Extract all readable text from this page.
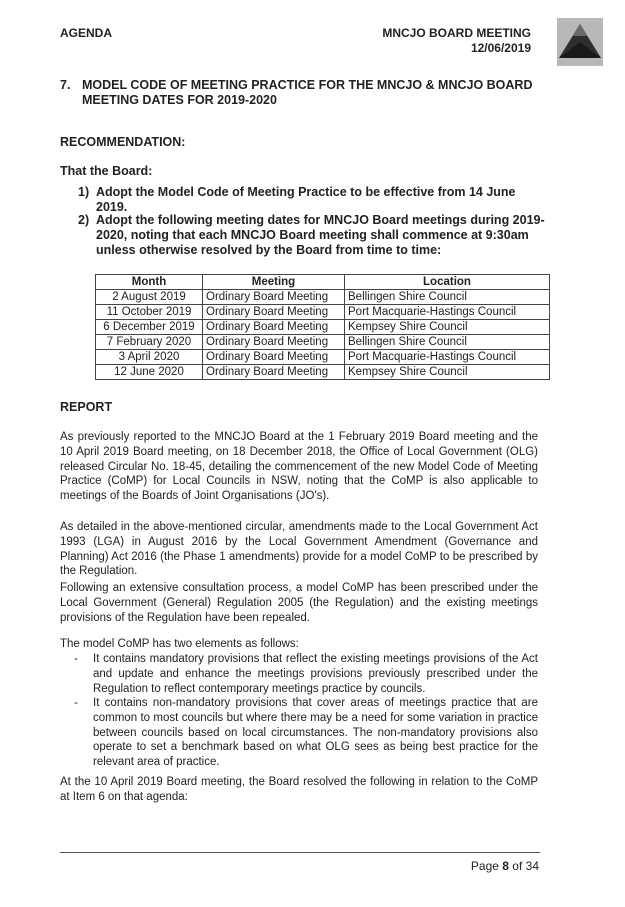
AGENDA	MNCJO BOARD MEETING
12/06/2019
7. MODEL CODE OF MEETING PRACTICE FOR THE MNCJO & MNCJO BOARD MEETING DATES FOR 2019-2020
RECOMMENDATION:
That the Board:
1) Adopt the Model Code of Meeting Practice to be effective from 14 June 2019.
2) Adopt the following meeting dates for MNCJO Board meetings during 2019-2020, noting that each MNCJO Board meeting shall commence at 9:30am unless otherwise resolved by the Board from time to time:
Month	Meeting	Location
2 August 2019	Ordinary Board Meeting	Bellingen Shire Council
11 October 2019	Ordinary Board Meeting	Port Macquarie-Hastings Council
6 December 2019	Ordinary Board Meeting	Kempsey Shire Council
7 February 2020	Ordinary Board Meeting	Bellingen Shire Council
3 April 2020	Ordinary Board Meeting	Port Macquarie-Hastings Council
12 June 2020	Ordinary Board Meeting	Kempsey Shire Council
REPORT
As previously reported to the MNCJO Board at the 1 February 2019 Board meeting and the 10 April 2019 Board meeting, on 18 December 2018, the Office of Local Government (OLG) released Circular No. 18-45, detailing the commencement of the new Model Code of Meeting Practice (CoMP) for Local Councils in NSW, noting that the CoMP is also applicable to meetings of the Boards of Joint Organisations (JO's).
As detailed in the above-mentioned circular, amendments made to the Local Government Act 1993 (LGA) in August 2016 by the Local Government Amendment (Governance and Planning) Act 2016 (the Phase 1 amendments) provide for a model CoMP to be prescribed by the Regulation.
Following an extensive consultation process, a model CoMP has been prescribed under the Local Government (General) Regulation 2005 (the Regulation) and the existing meetings provisions of the Regulation have been repealed.
The model CoMP has two elements as follows:
-	It contains mandatory provisions that reflect the existing meetings provisions of the Act and update and enhance the meetings provisions previously prescribed under the Regulation to reflect contemporary meetings practice by councils.
-	It contains non-mandatory provisions that cover areas of meetings practice that are common to most councils but where there may be a need for some variation in practice between councils based on local circumstances. The non-mandatory provisions also operate to set a benchmark based on what OLG sees as being best practice for the relevant area of practice.
At the 10 April 2019 Board meeting, the Board resolved the following in relation to the CoMP at Item 6 on that agenda:
Page 8 of 34
